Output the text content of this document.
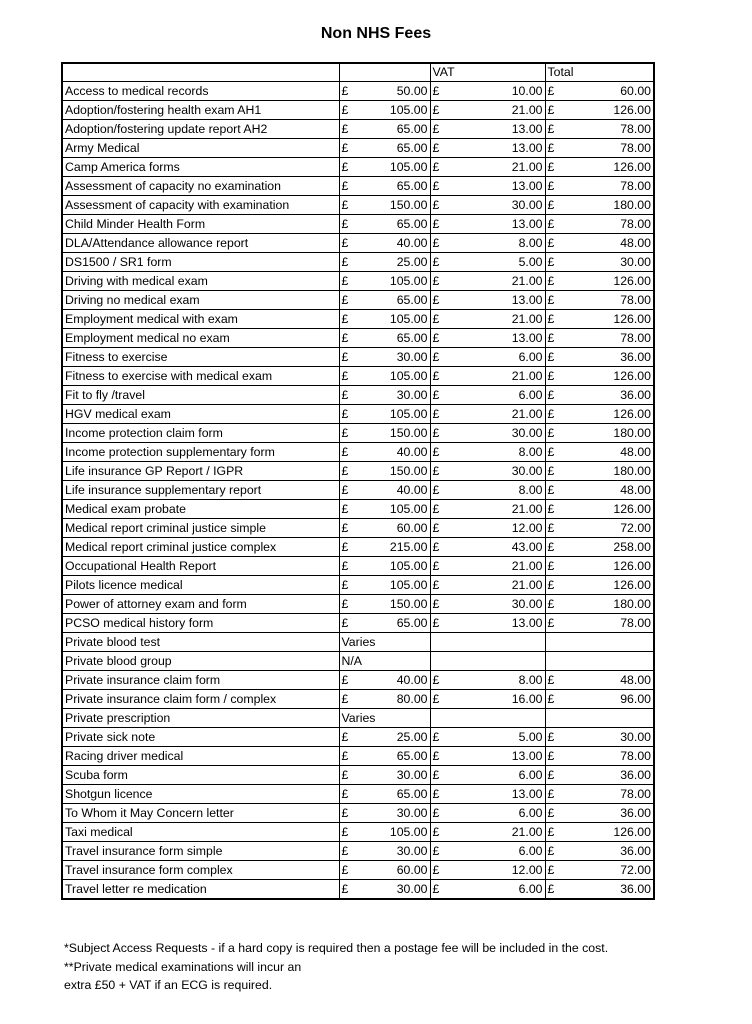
Non NHS Fees
		VAT	Total
Access to medical records	£ 50.00	£ 10.00	£ 60.00

Adoption/fostering health exam AH1	£ 105.00	£ 21.00	£ 126.00

Adoption/fostering update report AH2	£ 65.00	£ 13.00	£ 78.00

Army Medical	£ 65.00	£ 13.00	£ 78.00

Camp America forms	£ 105.00	£ 21.00	£ 126.00

Assessment of capacity no examination	£ 65.00	£ 13.00	£ 78.00

Assessment of capacity with examination	£ 150.00	£ 30.00	£ 180.00

Child Minder Health Form	£ 65.00	£ 13.00	£ 78.00

DLA/Attendance allowance report	£ 40.00	£ 8.00	£ 48.00

DS1500 / SR1 form	£ 25.00	£ 5.00	£ 30.00

Driving with medical exam	£ 105.00	£ 21.00	£ 126.00

Driving no medical exam	£ 65.00	£ 13.00	£ 78.00

Employment medical with exam	£ 105.00	£ 21.00	£ 126.00

Employment medical no exam	£ 65.00	£ 13.00	£ 78.00

Fitness to exercise	£ 30.00	£ 6.00	£ 36.00

Fitness to exercise with medical exam	£ 105.00	£ 21.00	£ 126.00

Fit to fly /travel	£ 30.00	£ 6.00	£ 36.00

HGV medical exam	£ 105.00	£ 21.00	£ 126.00

Income protection claim form	£ 150.00	£ 30.00	£ 180.00

Income protection supplementary form	£ 40.00	£ 8.00	£ 48.00

Life insurance GP Report / IGPR	£ 150.00	£ 30.00	£ 180.00

Life insurance supplementary report	£ 40.00	£ 8.00	£ 48.00

Medical exam probate	£ 105.00	£ 21.00	£ 126.00

Medical report criminal justice simple	£ 60.00	£ 12.00	£ 72.00

Medical report criminal justice complex	£ 215.00	£ 43.00	£ 258.00

Occupational Health Report	£ 105.00	£ 21.00	£ 126.00

Pilots licence medical	£ 105.00	£ 21.00	£ 126.00

Power of attorney exam and form	£ 150.00	£ 30.00	£ 180.00

PCSO medical history form	£ 65.00	£ 13.00	£ 78.00

Private blood test	Varies		
Private blood group	N/A		
Private insurance claim form	£ 40.00	£ 8.00	£ 48.00

Private insurance claim form / complex	£ 80.00	£ 16.00	£ 96.00

Private prescription	Varies		
Private sick note	£ 25.00	£ 5.00	£ 30.00

Racing driver medical	£ 65.00	£ 13.00	£ 78.00

Scuba form	£ 30.00	£ 6.00	£ 36.00

Shotgun licence	£ 65.00	£ 13.00	£ 78.00

To Whom it May Concern letter	£ 30.00	£ 6.00	£ 36.00

Taxi medical	£ 105.00	£ 21.00	£ 126.00

Travel insurance form simple	£ 30.00	£ 6.00	£ 36.00

Travel insurance form complex	£ 60.00	£ 12.00	£ 72.00

Travel letter re medication	£ 30.00	£ 6.00	£ 36.00
*Subject Access Requests - if a hard copy is required then a postage fee will be included in the cost.
**Private medical examinations will incur an
extra £50 + VAT if an ECG is required.
